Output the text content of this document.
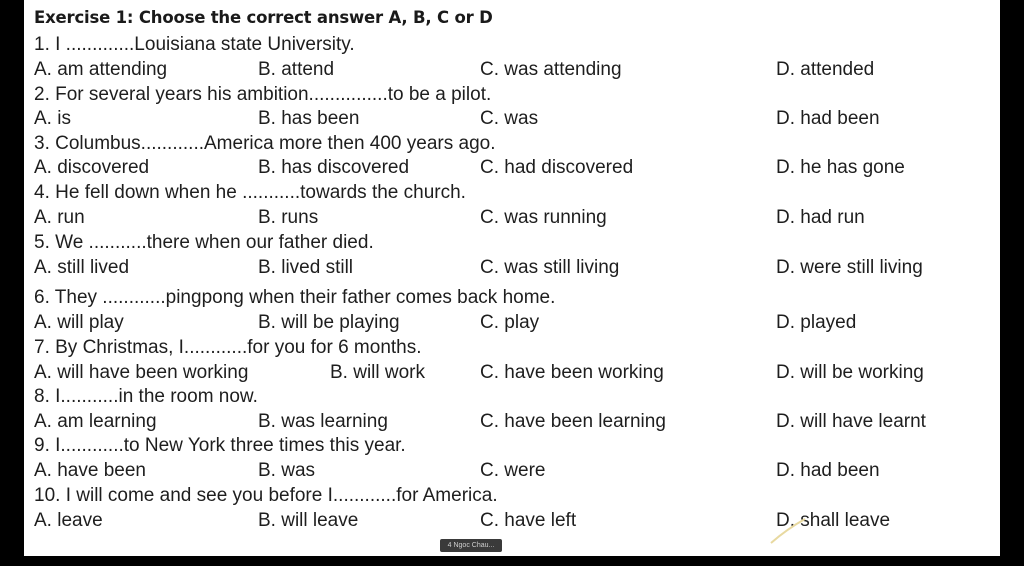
Exercise 1: Choose the correct answer A, B, C or D
1. I .............Louisiana state University.
A. am attending	B. attend	C. was attending	D. attended
2. For several years his ambition...............to be a pilot.
A. is	B. has been	C. was	D. had been
3. Columbus............America more then 400 years ago.
A. discovered	B. has discovered	C. had discovered	D. he has gone
4. He fell down when he ...........towards the church.
A. run	B. runs	C. was running	D. had run
5. We ...........there when our father died.
A. still lived	B. lived still	C. was still living	D. were still living
6. They ............pingpong when their father comes back home.
A. will play	B. will be playing	C. play	D. played
7. By Christmas, I............for you for 6 months.
A. will have been working	B. will work	C. have been working	D. will be working
8. I...........in the room now.
A. am learning	B. was learning	C. have been learning	D. will have learnt
9. I............to New York three times this year.
A. have been	B. was	C. were	D. had been
10. I will come and see you before I............for America.
A. leave	B. will leave	C. have left	D. shall leave
4 Ngoc Chau...
